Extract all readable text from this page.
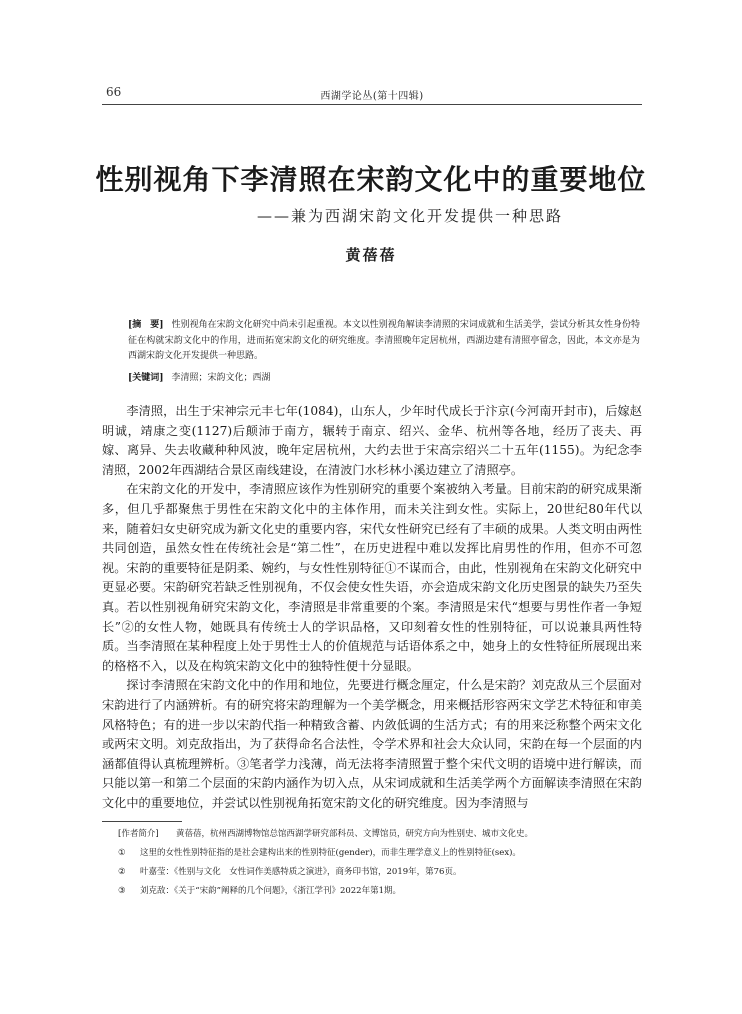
66	西湖学论丛(第十四辑)
性别视角下李清照在宋韵文化中的重要地位
——兼为西湖宋韵文化开发提供一种思路
黄蓓蓓
[摘　要] 性别视角在宋韵文化研究中尚未引起重视。本文以性别视角解读李清照的宋词成就和生活美学，尝试分析其女性身份特征在构就宋韵文化中的作用，进而拓宽宋韵文化的研究维度。李清照晚年定居杭州，西湖边建有清照亭留念，因此，本文亦是为西湖宋韵文化开发提供一种思路。
[关键词] 李清照；宋韵文化；西湖

李清照，出生于宋神宗元丰七年(1084)，山东人，少年时代成长于汴京(今河南开封市)，后嫁赵明诚，靖康之变(1127)后颠沛于南方，辗转于南京、绍兴、金华、杭州等各地，经历了丧夫、再嫁、离异、失去收藏种种风波，晚年定居杭州，大约去世于宋高宗绍兴二十五年(1155)。为纪念李清照，2002年西湖结合景区南线建设，在清波门水杉林小溪边建立了清照亭。

在宋韵文化的开发中，李清照应该作为性别研究的重要个案被纳入考量。目前宋韵的研究成果渐多，但几乎都聚焦于男性在宋韵文化中的主体作用，而未关注到女性。实际上，20世纪80年代以来，随着妇女史研究成为新文化史的重要内容，宋代女性研究已经有了丰硕的成果。人类文明由两性共同创造，虽然女性在传统社会是“第二性”，在历史进程中难以发挥比肩男性的作用，但亦不可忽视。宋韵的重要特征是阴柔、婉约，与女性性别特征①不谋而合，由此，性别视角在宋韵文化研究中更显必要。宋韵研究若缺乏性别视角，不仅会使女性失语，亦会造成宋韵文化历史图景的缺失乃至失真。若以性别视角研究宋韵文化，李清照是非常重要的个案。李清照是宋代“想要与男性作者一争短长”②的女性人物，她既具有传统士人的学识品格，又印刻着女性的性别特征，可以说兼具两性特质。当李清照在某种程度上处于男性士人的价值规范与话语体系之中，她身上的女性特征所展现出来的格格不入，以及在构筑宋韵文化中的独特性便十分显眼。

探讨李清照在宋韵文化中的作用和地位，先要进行概念厘定，什么是宋韵？刘克敌从三个层面对宋韵进行了内涵辨析。有的研究将宋韵理解为一个美学概念，用来概括形容两宋文学艺术特征和审美风格特色；有的进一步以宋韵代指一种精致含蓄、内敛低调的生活方式；有的用来泛称整个两宋文化或两宋文明。刘克敌指出，为了获得命名合法性，令学术界和社会大众认同，宋韵在每一个层面的内涵都值得认真梳理辨析。③笔者学力浅薄，尚无法将李清照置于整个宋代文明的语境中进行解读，而只能以第一和第二个层面的宋韵内涵作为切入点，从宋词成就和生活美学两个方面解读李清照在宋韵文化中的重要地位，并尝试以性别视角拓宽宋韵文化的研究维度。因为李清照与

[作者简介] 黄蓓蓓，杭州西湖博物馆总馆西湖学研究部科员、文博馆员，研究方向为性别史、城市文化史。
① 这里的女性性别特征指的是社会建构出来的性别特征(gender)，而非生理学意义上的性别特征(sex)。
② 叶嘉莹：《性别与文化　女性词作美感特质之演进》，商务印书馆，2019年，第76页。
③ 刘克敌：《关于“宋韵”阐释的几个问题》，《浙江学刊》2022年第1期。
